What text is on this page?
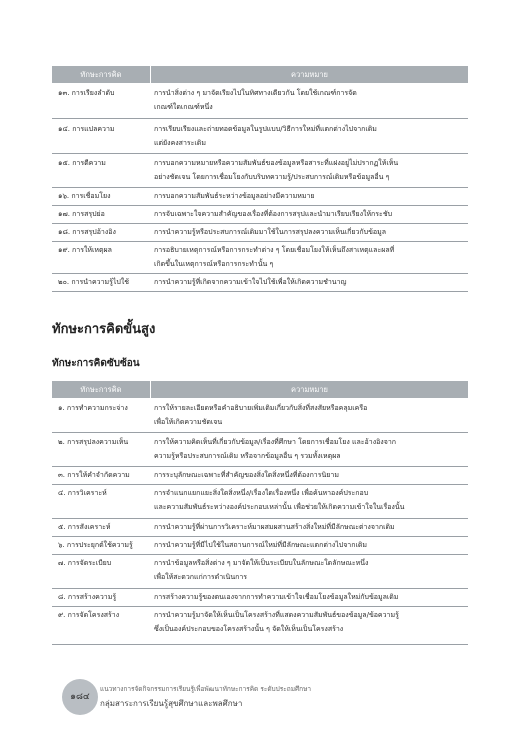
ทักษะการคิด	ความหมาย
๑๓. การเรียงลำดับ	การนำสิ่งต่าง ๆ มาจัดเรียงไปในทิศทางเดียวกัน โดยใช้เกณฑ์การจัด
เกณฑ์ใดเกณฑ์หนึ่ง
๑๔. การแปลความ	การเรียบเรียงและถ่ายทอดข้อมูลในรูปแบบ/วิธีการใหม่ที่แตกต่างไปจากเดิม
แต่ยังคงสาระเดิม
๑๕. การตีความ	การบอกความหมายหรือความสัมพันธ์ของข้อมูลหรือสาระที่แฝงอยู่ไม่ปรากฏให้เห็น
อย่างชัดเจน โดยการเชื่อมโยงกับบริบทความรู้/ประสบการณ์เดิมหรือข้อมูลอื่น ๆ
๑๖. การเชื่อมโยง	การบอกความสัมพันธ์ระหว่างข้อมูลอย่างมีความหมาย
๑๗. การสรุปย่อ	การจับเฉพาะใจความสำคัญของเรื่องที่ต้องการสรุปและนำมาเรียบเรียงให้กระชับ
๑๘. การสรุปอ้างอิง	การนำความรู้หรือประสบการณ์เดิมมาใช้ในการสรุปลงความเห็นเกี่ยวกับข้อมูล
๑๙. การให้เหตุผล	การอธิบายเหตุการณ์หรือการกระทำต่าง ๆ โดยเชื่อมโยงให้เห็นถึงสาเหตุและผลที่
เกิดขึ้นในเหตุการณ์หรือการกระทำนั้น ๆ
๒๐. การนำความรู้ไปใช้	การนำความรู้ที่เกิดจากความเข้าใจไปใช้เพื่อให้เกิดความชำนาญ
ทักษะการคิดขั้นสูง
ทักษะการคิดซับซ้อน
ทักษะการคิด	ความหมาย
๑. การทำความกระจ่าง	การให้รายละเอียดหรือคำอธิบายเพิ่มเติมเกี่ยวกับสิ่งที่สงสัยหรือคลุมเครือ
เพื่อให้เกิดความชัดเจน
๒. การสรุปลงความเห็น	การให้ความคิดเห็นที่เกี่ยวกับข้อมูล/เรื่องที่ศึกษา โดยการเชื่อมโยง และอ้างอิงจาก
ความรู้หรือประสบการณ์เดิม หรือจากข้อมูลอื่น ๆ รวมทั้งเหตุผล
๓. การให้คำจำกัดความ	การระบุลักษณะเฉพาะที่สำคัญของสิ่งใดสิ่งหนึ่งที่ต้องการนิยาม
๔. การวิเคราะห์	การจำแนกแยกแยะสิ่งใดสิ่งหนึ่ง/เรื่องใดเรื่องหนึ่ง เพื่อค้นหาองค์ประกอบ
และความสัมพันธ์ระหว่างองค์ประกอบเหล่านั้น เพื่อช่วยให้เกิดความเข้าใจในเรื่องนั้น
๕. การสังเคราะห์	การนำความรู้ที่ผ่านการวิเคราะห์มาผสมผสานสร้างสิ่งใหม่ที่มีลักษณะต่างจากเดิม
๖. การประยุกต์ใช้ความรู้	การนำความรู้ที่มีไปใช้ในสถานการณ์ใหม่ที่มีลักษณะแตกต่างไปจากเดิม
๗. การจัดระเบียบ	การนำข้อมูลหรือสิ่งต่าง ๆ มาจัดให้เป็นระเบียบในลักษณะใดลักษณะหนึ่ง
เพื่อให้สะดวกแก่การดำเนินการ
๘. การสร้างความรู้	การสร้างความรู้ของตนเองจากการทำความเข้าใจเชื่อมโยงข้อมูลใหม่กับข้อมูลเดิม
๙. การจัดโครงสร้าง	การนำความรู้มาจัดให้เห็นเป็นโครงสร้างที่แสดงความสัมพันธ์ของข้อมูล/ข้อความรู้
ซึ่งเป็นองค์ประกอบของโครงสร้างนั้น ๆ จัดให้เห็นเป็นโครงสร้าง
๑๘๔
แนวทางการจัดกิจกรรมการเรียนรู้เพื่อพัฒนาทักษะการคิด ระดับประถมศึกษา
กลุ่มสาระการเรียนรู้สุขศึกษาและพลศึกษา
